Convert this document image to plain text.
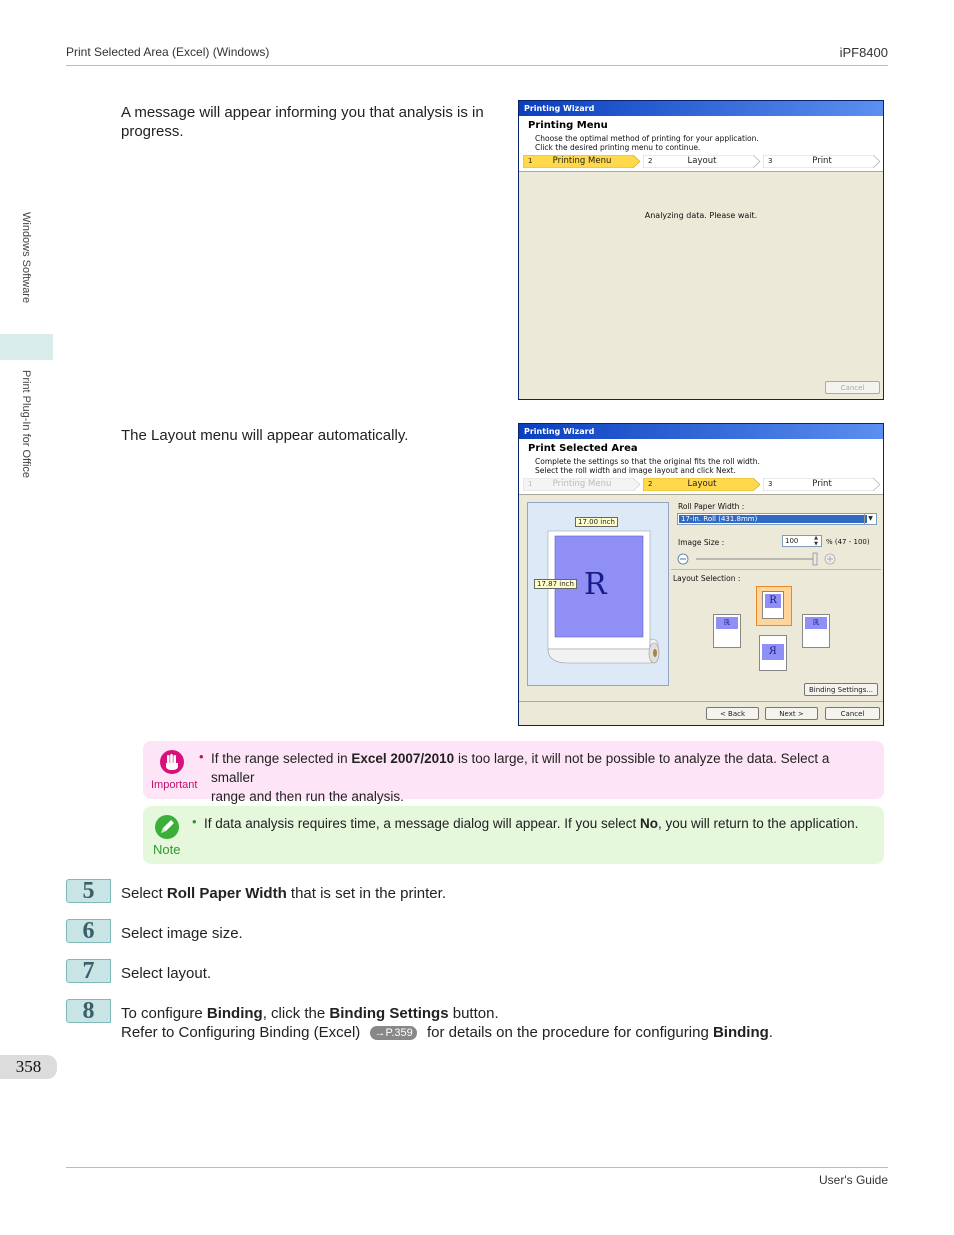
Print Selected Area (Excel) (Windows)	iPF8400
Windows Software
Print Plug-In for Office
A message will appear informing you that analysis is in progress.
Printing Wizard
Printing Menu
Choose the optimal method of printing for your application.
Click the desired printing menu to continue.
1	Printing Menu	2	Layout	3	Print
Analyzing data. Please wait.
Cancel
The Layout menu will appear automatically.	Printing Wizard
Print Selected Area
Complete the settings so that the original fits the roll width.
Select the roll width and image layout and click Next.
1	Printing Menu	2	Layout	3	Print
17.00 inch
17.87 inch R
Roll Paper Width :
17-in. Roll (431.8mm)	▼
Image Size :	100	▲
▼	% (47 - 100)
Layout Selection :
R
ℝ
R
ℝ
Binding Settings...
< Back	Next >	Cancel
Important
• If the range selected in Excel 2007/2010 is too large, it will not be possible to analyze the data. Select a smaller
range and then run the analysis.
Note
• If data analysis requires time, a message dialog will appear. If you select No, you will return to the application.
5	Select Roll Paper Width that is set in the printer.
6	Select image size.
7	Select layout.
8	To configure Binding, click the Binding Settings button.
Refer to Configuring Binding (Excel) →P.359 for details on the procedure for configuring Binding.
358
User's Guide
